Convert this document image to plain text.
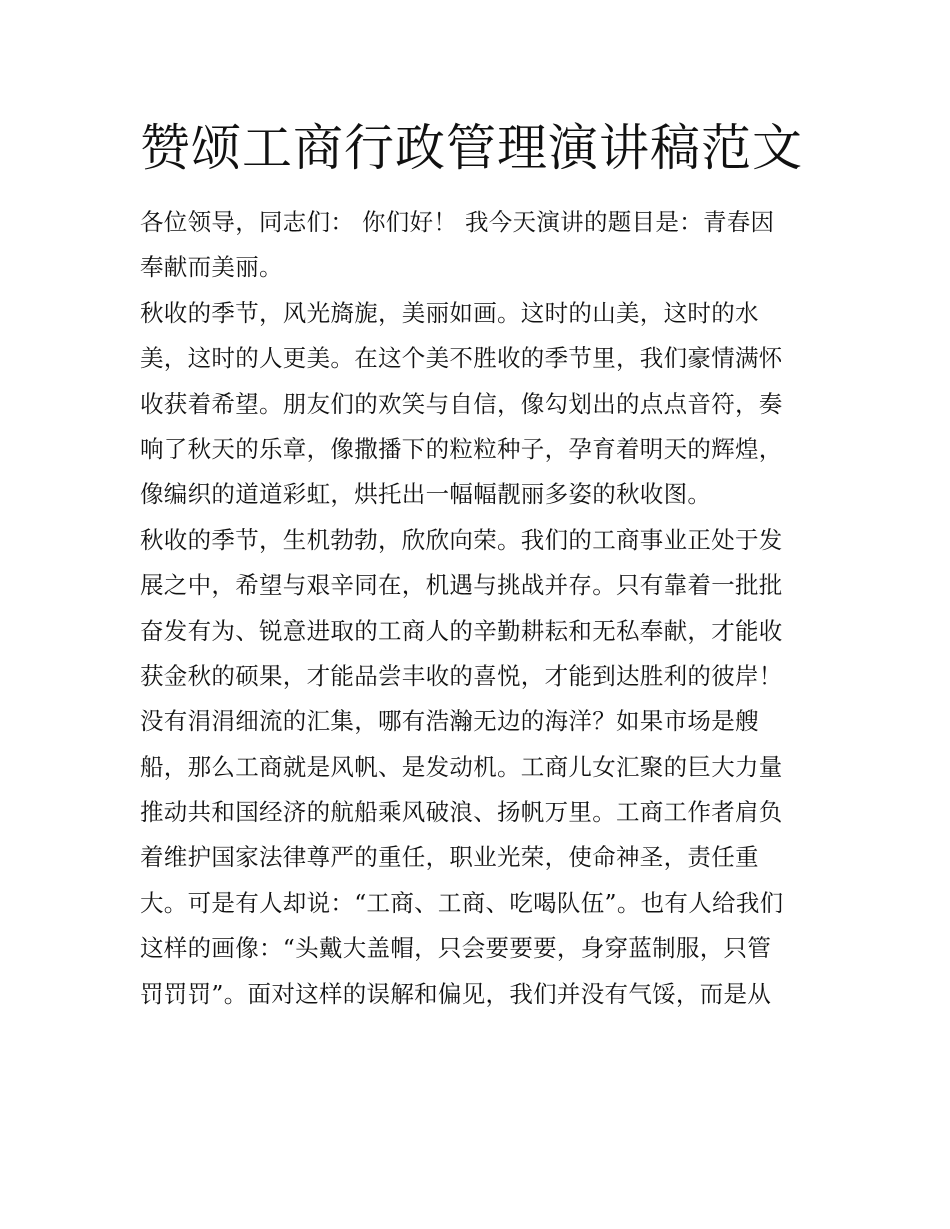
赞颂工商行政管理演讲稿范文
各位领导，同志们： 你们好！ 我今天演讲的题目是：青春因
奉献而美丽。
秋收的季节，风光旖旎，美丽如画。这时的山美，这时的水
美，这时的人更美。在这个美不胜收的季节里，我们豪情满怀
收获着希望。朋友们的欢笑与自信，像勾划出的点点音符，奏
响了秋天的乐章，像撒播下的粒粒种子，孕育着明天的辉煌，
像编织的道道彩虹，烘托出一幅幅靓丽多姿的秋收图。
秋收的季节，生机勃勃，欣欣向荣。我们的工商事业正处于发
展之中，希望与艰辛同在，机遇与挑战并存。只有靠着一批批
奋发有为、锐意进取的工商人的辛勤耕耘和无私奉献，才能收
获金秋的硕果，才能品尝丰收的喜悦，才能到达胜利的彼岸！
没有涓涓细流的汇集，哪有浩瀚无边的海洋？如果市场是艘
船，那么工商就是风帆、是发动机。工商儿女汇聚的巨大力量
推动共和国经济的航船乘风破浪、扬帆万里。工商工作者肩负
着维护国家法律尊严的重任，职业光荣，使命神圣，责任重
大。可是有人却说：“工商、工商、吃喝队伍”。也有人给我们
这样的画像：“头戴大盖帽，只会要要要，身穿蓝制服，只管
罚罚罚”。面对这样的误解和偏见，我们并没有气馁，而是从
